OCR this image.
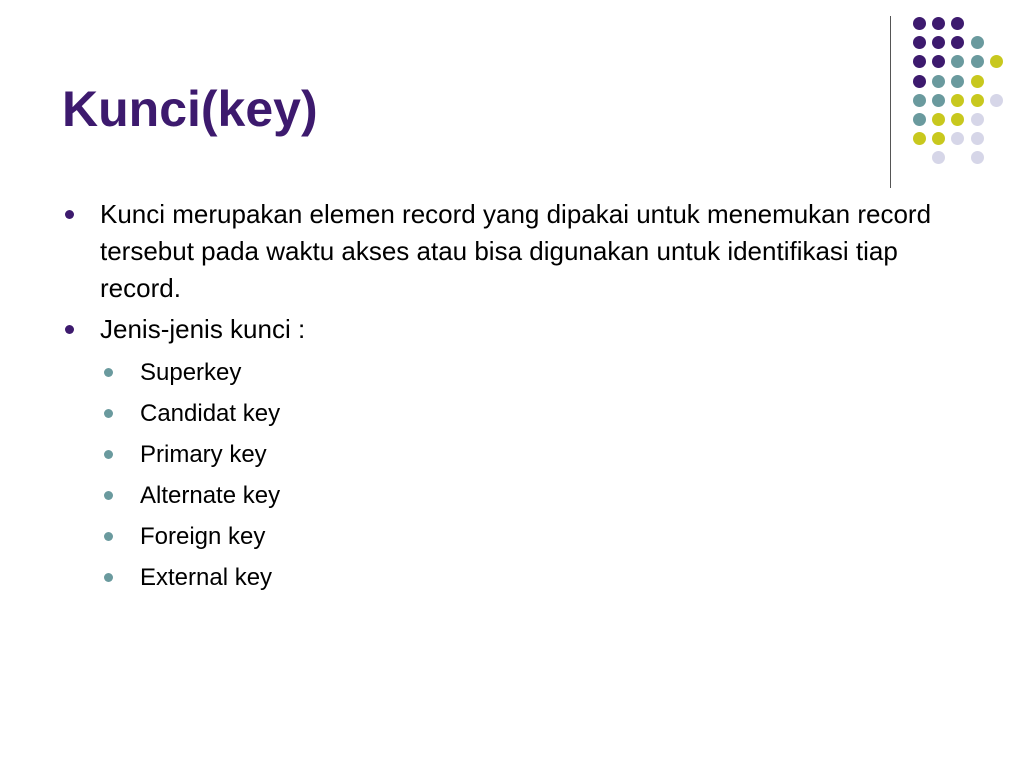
Kunci(key)
Kunci merupakan elemen record yang dipakai untuk menemukan record tersebut pada waktu akses atau bisa digunakan untuk identifikasi tiap record.
Jenis-jenis kunci :
Superkey
Candidat key
Primary key
Alternate key
Foreign key
External key
